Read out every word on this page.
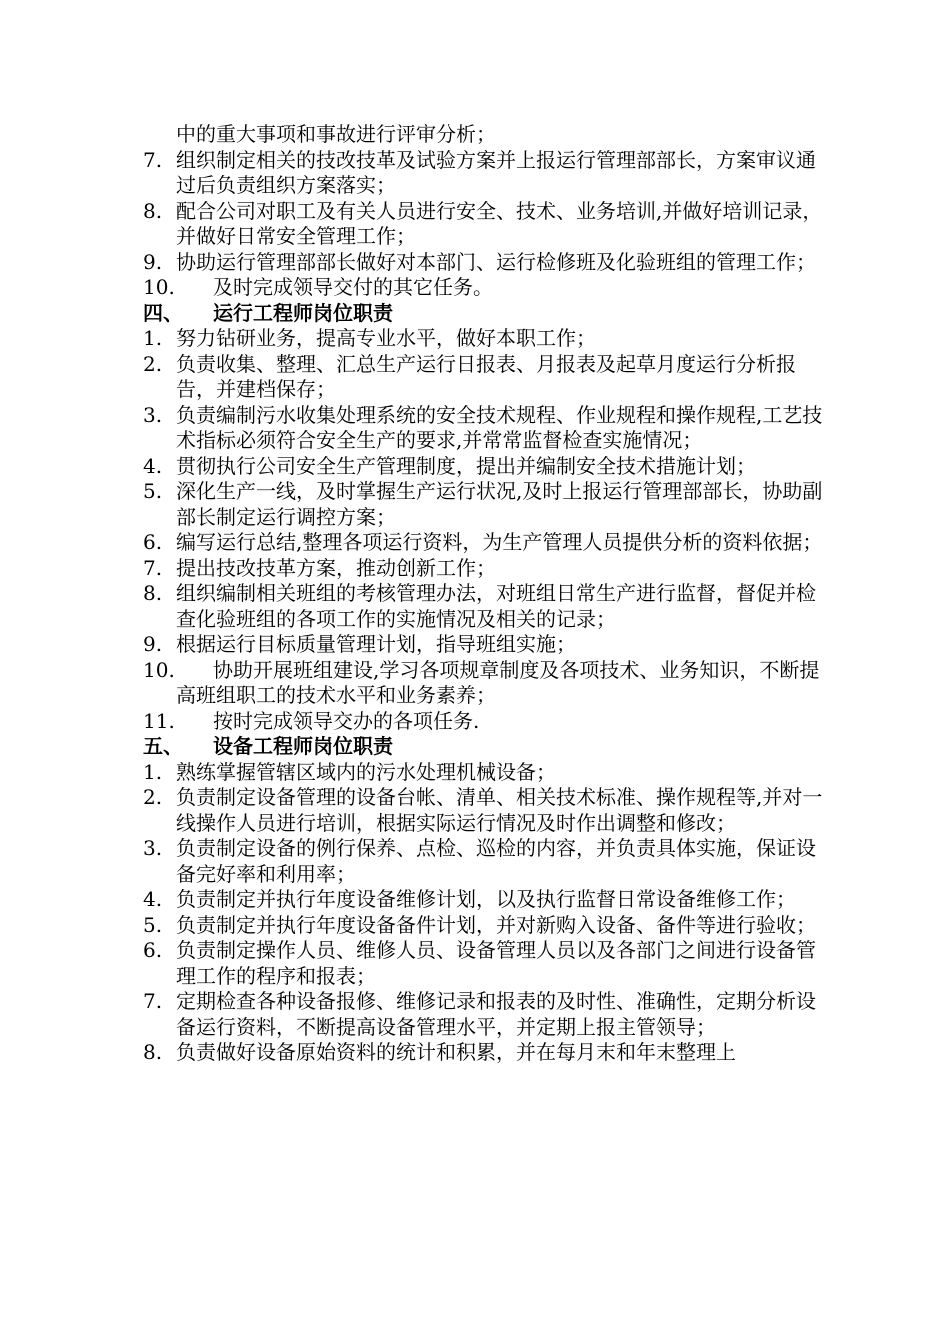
中的重大事项和事故进行评审分析；
7. 组织制定相关的技改技革及试验方案并上报运行管理部部长，方案审议通过后负责组织方案落实；
8. 配合公司对职工及有关人员进行安全、技术、业务培训,并做好培训记录，并做好日常安全管理工作；
9. 协助运行管理部部长做好对本部门、运行检修班及化验班组的管理工作；
10. 及时完成领导交付的其它任务。
四、 运行工程师岗位职责
1. 努力钻研业务，提高专业水平，做好本职工作；
2. 负责收集、整理、汇总生产运行日报表、月报表及起草月度运行分析报告，并建档保存；
3. 负责编制污水收集处理系统的安全技术规程、作业规程和操作规程,工艺技术指标必须符合安全生产的要求,并常常监督检查实施情况；
4. 贯彻执行公司安全生产管理制度，提出并编制安全技术措施计划；
5. 深化生产一线，及时掌握生产运行状况,及时上报运行管理部部长，协助副部长制定运行调控方案；
6. 编写运行总结,整理各项运行资料，为生产管理人员提供分析的资料依据；
7. 提出技改技革方案，推动创新工作；
8. 组织编制相关班组的考核管理办法，对班组日常生产进行监督，督促并检查化验班组的各项工作的实施情况及相关的记录；
9. 根据运行目标质量管理计划，指导班组实施；
10.	协助开展班组建设,学习各项规章制度及各项技术、业务知识，不断提高班组职工的技术水平和业务素养；
11. 按时完成领导交办的各项任务.
五、 设备工程师岗位职责
1. 熟练掌握管辖区域内的污水处理机械设备；
2. 负责制定设备管理的设备台帐、清单、相关技术标准、操作规程等,并对一线操作人员进行培训，根据实际运行情况及时作出调整和修改；
3. 负责制定设备的例行保养、点检、巡检的内容，并负责具体实施，保证设备完好率和利用率；
4. 负责制定并执行年度设备维修计划，以及执行监督日常设备维修工作；
5. 负责制定并执行年度设备备件计划，并对新购入设备、备件等进行验收；
6. 负责制定操作人员、维修人员、设备管理人员以及各部门之间进行设备管理工作的程序和报表；
7. 定期检查各种设备报修、维修记录和报表的及时性、准确性，定期分析设备运行资料，不断提高设备管理水平，并定期上报主管领导；
8. 负责做好设备原始资料的统计和积累，并在每月末和年末整理上
